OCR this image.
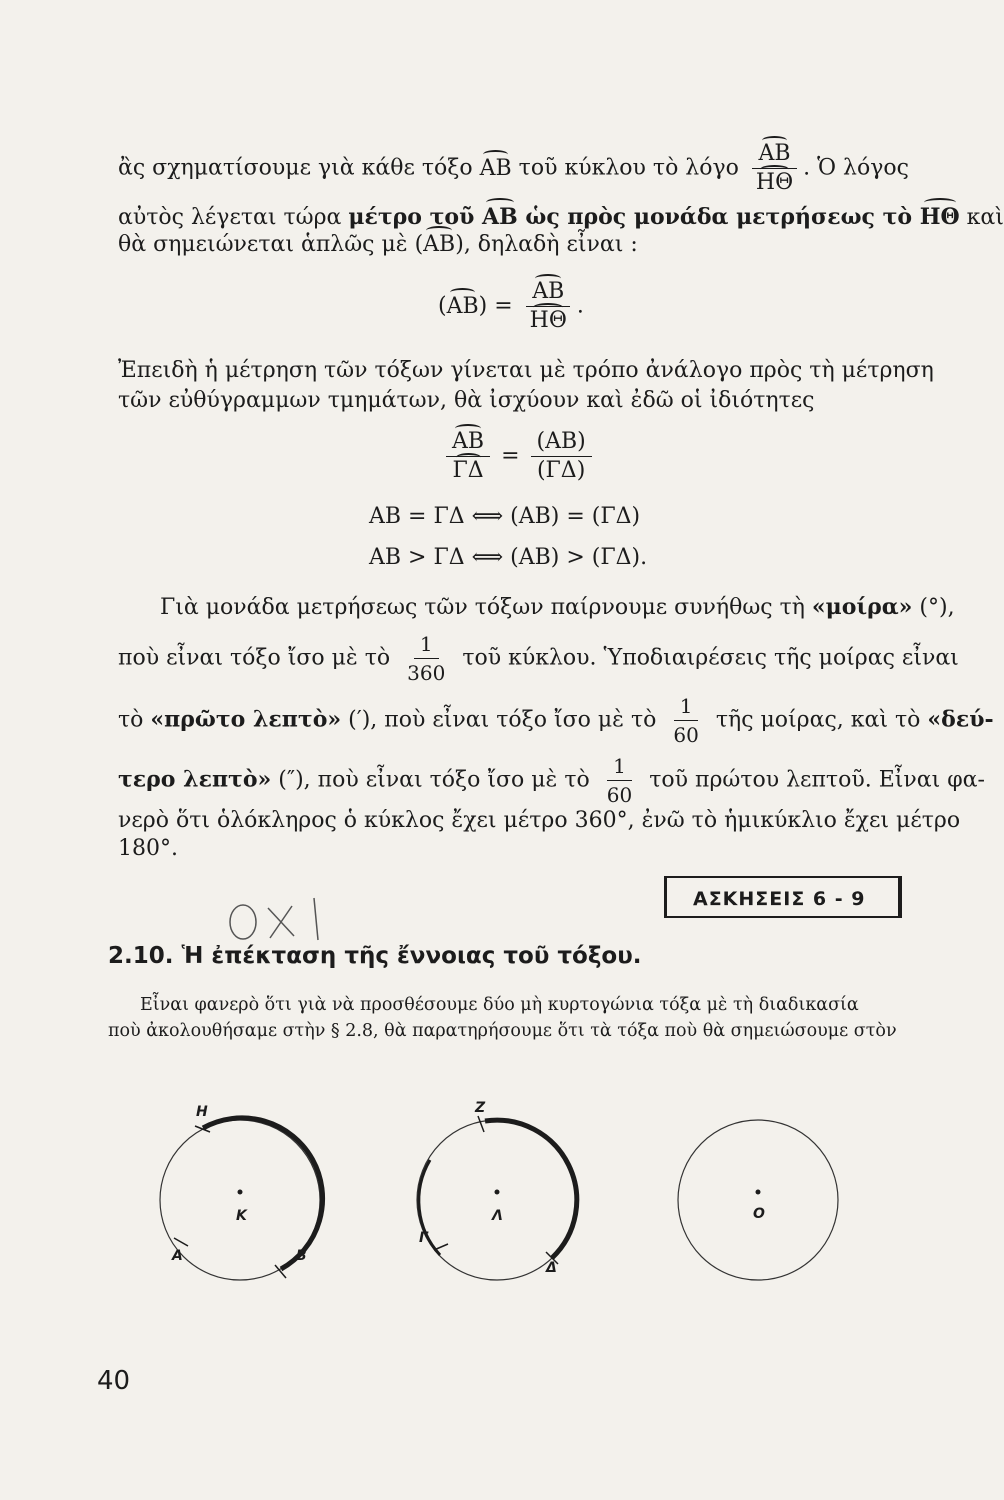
ἂς σχηματίσουμε γιὰ κάθε τόξο ΑΒ τοῦ κύκλου τὸ λόγο $\frac{AB}{H\Theta}$ . Ὁ λόγος
αὐτὸς λέγεται τώρα μέτρο τοῦ ΑΒ ὡς πρὸς μονάδα μετρήσεως τὸ ΗΘ καὶ
θὰ σημειώνεται ἁπλῶς μὲ (ΑΒ), δηλαδὴ εἶναι :
$(AB) = \frac{AB}{H\Theta}$ .
Ἐπειδὴ ἡ μέτρηση τῶν τόξων γίνεται μὲ τρόπο ἀνάλογο πρὸς τὴ μέτρηση
τῶν εὐθύγραμμων τμημάτων, θὰ ἰσχύουν καὶ ἐδῶ οἱ ἰδιότητες
$\frac{AB}{\Gamma\Delta} = \frac{(AB)}{(\Gamma\Delta)}$
ΑΒ = ΓΔ ⟺ (ΑΒ) = (ΓΔ)
ΑΒ > ΓΔ ⟺ (ΑΒ) > (ΓΔ).
Γιὰ μονάδα μετρήσεως τῶν τόξων παίρνουμε συνήθως τὴ «μοίρα» (°),
ποὺ εἶναι τόξο ἴσο μὲ τὸ $\frac{1}{360}$ τοῦ κύκλου. Ὑποδιαιρέσεις τῆς μοίρας εἶναι
τὸ «πρῶτο λεπτὸ» (′), ποὺ εἶναι τόξο ἴσο μὲ τὸ $\frac{1}{60}$ τῆς μοίρας, καὶ τὸ «δεύ-
τερο λεπτὸ» (″), ποὺ εἶναι τόξο ἴσο μὲ τὸ $\frac{1}{60}$ τοῦ πρώτου λεπτοῦ. Εἶναι φα-
νερὸ ὅτι ὁλόκληρος ὁ κύκλος ἔχει μέτρο 360°, ἐνῶ τὸ ἡμικύκλιο ἔχει μέτρο
180°.
ΑΣΚΗΣΕΙΣ 6 - 9
2.10. Ἡ ἐπέκταση τῆς ἔννοιας τοῦ τόξου.
Εἶναι φανερὸ ὅτι γιὰ νὰ προσθέσουμε δύο μὴ κυρτογώνια τόξα μὲ τὴ διαδικασία
ποὺ ἀκολουθήσαμε στὴν § 2.8, θὰ παρατηρήσουμε ὅτι τὰ τόξα ποὺ θὰ σημειώσουμε στὸν
Η
Κ
Α	Β
Ζ
Λ
Γ
Δ
Ο
40
